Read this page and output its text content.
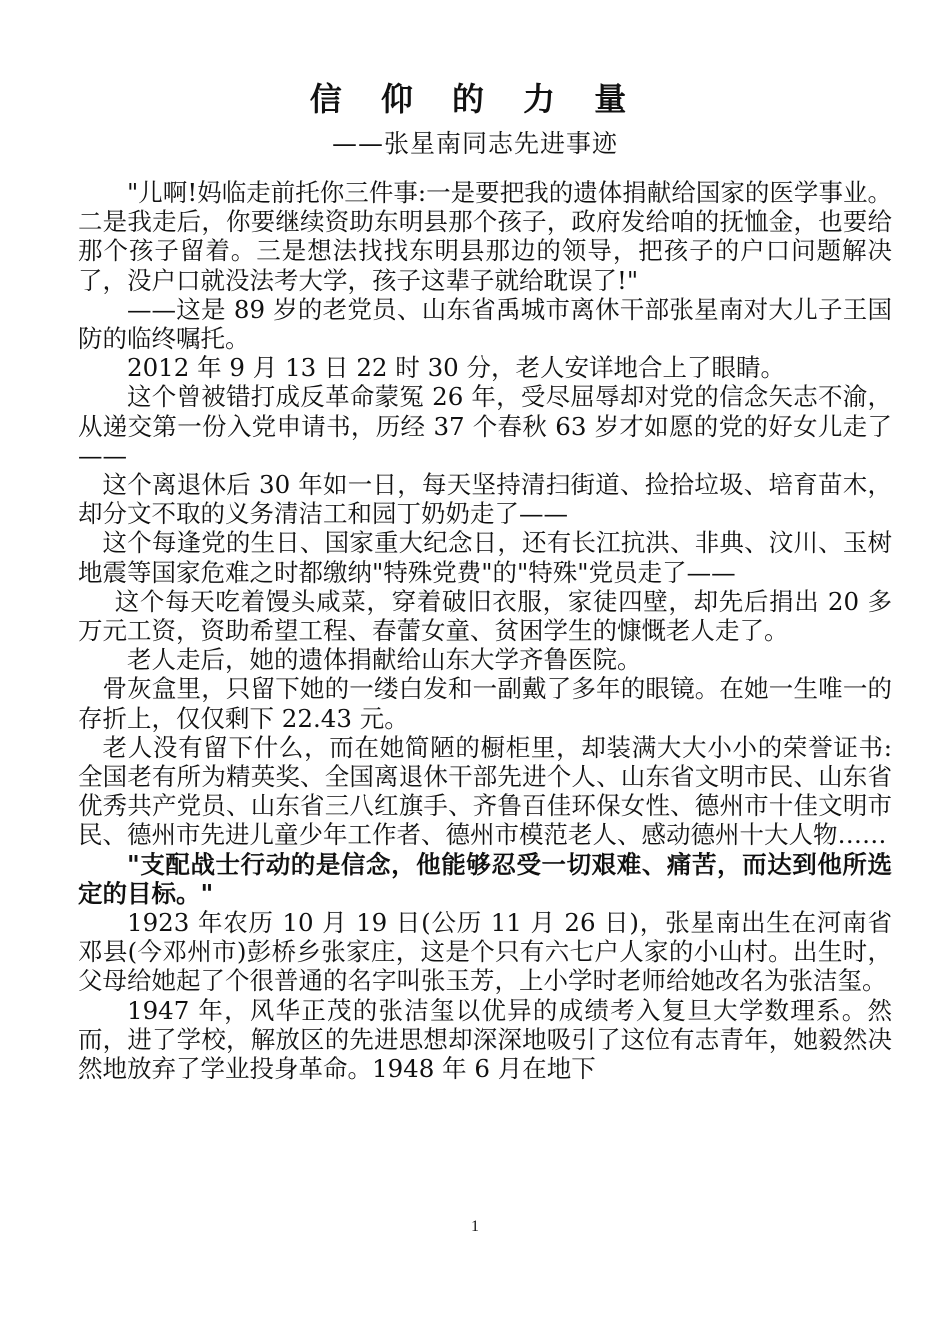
信 仰 的 力 量
——张星南同志先进事迹

"儿啊!妈临走前托你三件事:一是要把我的遗体捐献给国家的医学事业。二是我走后，你要继续资助东明县那个孩子，政府发给咱的抚恤金，也要给那个孩子留着。三是想法找找东明县那边的领导，把孩子的户口问题解决了，没户口就没法考大学，孩子这辈子就给耽误了!"

——这是 89 岁的老党员、山东省禹城市离休干部张星南对大儿子王国防的临终嘱托。

2012 年 9 月 13 日 22 时 30 分，老人安详地合上了眼睛。

这个曾被错打成反革命蒙冤 26 年，受尽屈辱却对党的信念矢志不渝，从递交第一份入党申请书，历经 37 个春秋 63 岁才如愿的党的好女儿走了——

这个离退休后 30 年如一日，每天坚持清扫街道、捡拾垃圾、培育苗木，却分文不取的义务清洁工和园丁奶奶走了——

这个每逢党的生日、国家重大纪念日，还有长江抗洪、非典、汶川、玉树地震等国家危难之时都缴纳"特殊党费"的"特殊"党员走了——

这个每天吃着馒头咸菜，穿着破旧衣服，家徒四壁，却先后捐出 20 多万元工资，资助希望工程、春蕾女童、贫困学生的慷慨老人走了。

老人走后，她的遗体捐献给山东大学齐鲁医院。

骨灰盒里，只留下她的一缕白发和一副戴了多年的眼镜。在她一生唯一的存折上，仅仅剩下 22.43 元。

老人没有留下什么，而在她简陋的橱柜里，却装满大大小小的荣誉证书:全国老有所为精英奖、全国离退休干部先进个人、山东省文明市民、山东省优秀共产党员、山东省三八红旗手、齐鲁百佳环保女性、德州市十佳文明市民、德州市先进儿童少年工作者、德州市模范老人、感动德州十大人物……

"支配战士行动的是信念，他能够忍受一切艰难、痛苦，而达到他所选定的目标。"

1923 年农历 10 月 19 日(公历 11 月 26 日)，张星南出生在河南省邓县(今邓州市)彭桥乡张家庄，这是个只有六七户人家的小山村。出生时，父母给她起了个很普通的名字叫张玉芳，上小学时老师给她改名为张洁玺。

1947 年，风华正茂的张洁玺以优异的成绩考入复旦大学数理系。然而，进了学校，解放区的先进思想却深深地吸引了这位有志青年，她毅然决然地放弃了学业投身革命。1948 年 6 月在地下

1
